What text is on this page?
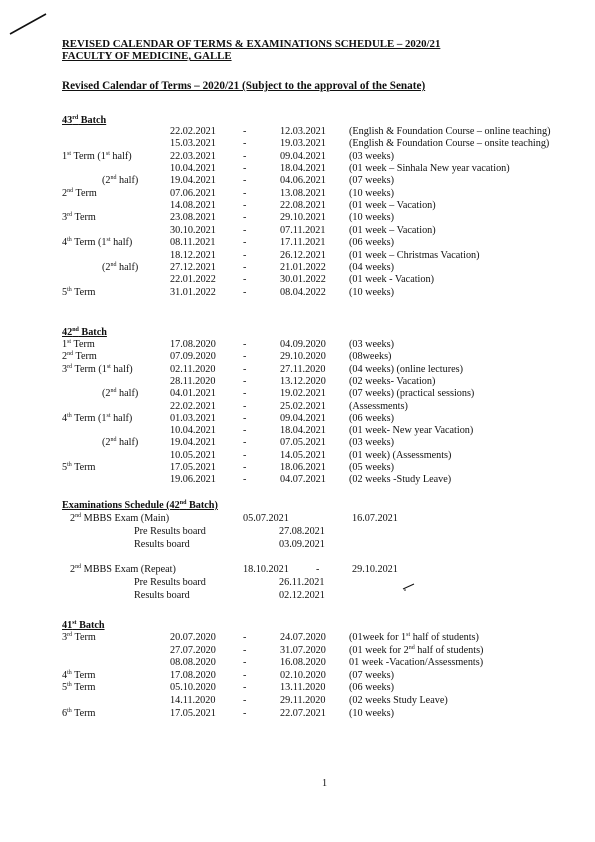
REVISED CALENDAR OF TERMS & EXAMINATIONS SCHEDULE – 2020/21
FACULTY OF MEDICINE, GALLE
Revised Calendar of Terms – 2020/21 (Subject to the approval of the Senate)
43rd Batch
22.02.2021	-	12.03.2021 (English & Foundation Course – online teaching)
15.03.2021	-	19.03.2021 (English & Foundation Course – onsite teaching)
1st Term (1st half)	22.03.2021	-	09.04.2021 (03 weeks)
10.04.2021	-	18.04.2021 (01 week – Sinhala New year vacation)
(2nd half)	19.04.2021	-	04.06.2021 (07 weeks)
2nd Term	07.06.2021	-	13.08.2021 (10 weeks)
14.08.2021	-	22.08.2021 (01 week – Vacation)
3rd Term	23.08.2021	-	29.10.2021 (10 weeks)
30.10.2021	-	07.11.2021 (01 week – Vacation)
4th Term (1st half)	08.11.2021	-	17.11.2021 (06 weeks)
18.12.2021	-	26.12.2021 (01 week – Christmas Vacation)
(2nd half)	27.12.2021	-	21.01.2022 (04 weeks)
22.01.2022	-	30.01.2022 (01 week - Vacation)
5th Term	31.01.2022	-	08.04.2022 (10 weeks)
42nd Batch
1st Term	17.08.2020	-	04.09.2020 (03 weeks)
2nd Term	07.09.2020	-	29.10.2020 (08weeks)
3rd Term (1st half)	02.11.2020	-	27.11.2020 (04 weeks) (online lectures)
28.11.2020	-	13.12.2020 (02 weeks- Vacation)
(2nd half)	04.01.2021	-	19.02.2021 (07 weeks) (practical sessions)
22.02.2021	-	25.02.2021 (Assessments)
4th Term (1st half)	01.03.2021	-	09.04.2021 (06 weeks)
10.04.2021	-	18.04.2021 (01 week- New year Vacation)
(2nd half)	19.04.2021	-	07.05.2021 (03 weeks)
10.05.2021	-	14.05.2021 (01 week) (Assessments)
5th Term	17.05.2021	-	18.06.2021 (05 weeks)
19.06.2021	-	04.07.2021 (02 weeks -Study Leave)
Examinations Schedule (42nd Batch)
2nd MBBS Exam (Main)	05.07.2021	16.07.2021
Pre Results board	27.08.2021
Results board	03.09.2021
2nd MBBS Exam (Repeat)	18.10.2021	-	29.10.2021
Pre Results board	26.11.2021
Results board	02.12.2021
41st Batch
3rd Term	20.07.2020	-	24.07.2020 (01week for 1st half of students)
27.07.2020	-	31.07.2020 (01 week for 2nd half of students)
08.08.2020	-	16.08.2020 01 week -Vacation/Assessments)
4th Term	17.08.2020	-	02.10.2020 (07 weeks)
5th Term	05.10.2020	-	13.11.2020 (06 weeks)
14.11.2020	-	29.11.2020 (02 weeks Study Leave)
6th Term	17.05.2021	-	22.07.2021 (10 weeks)
1
